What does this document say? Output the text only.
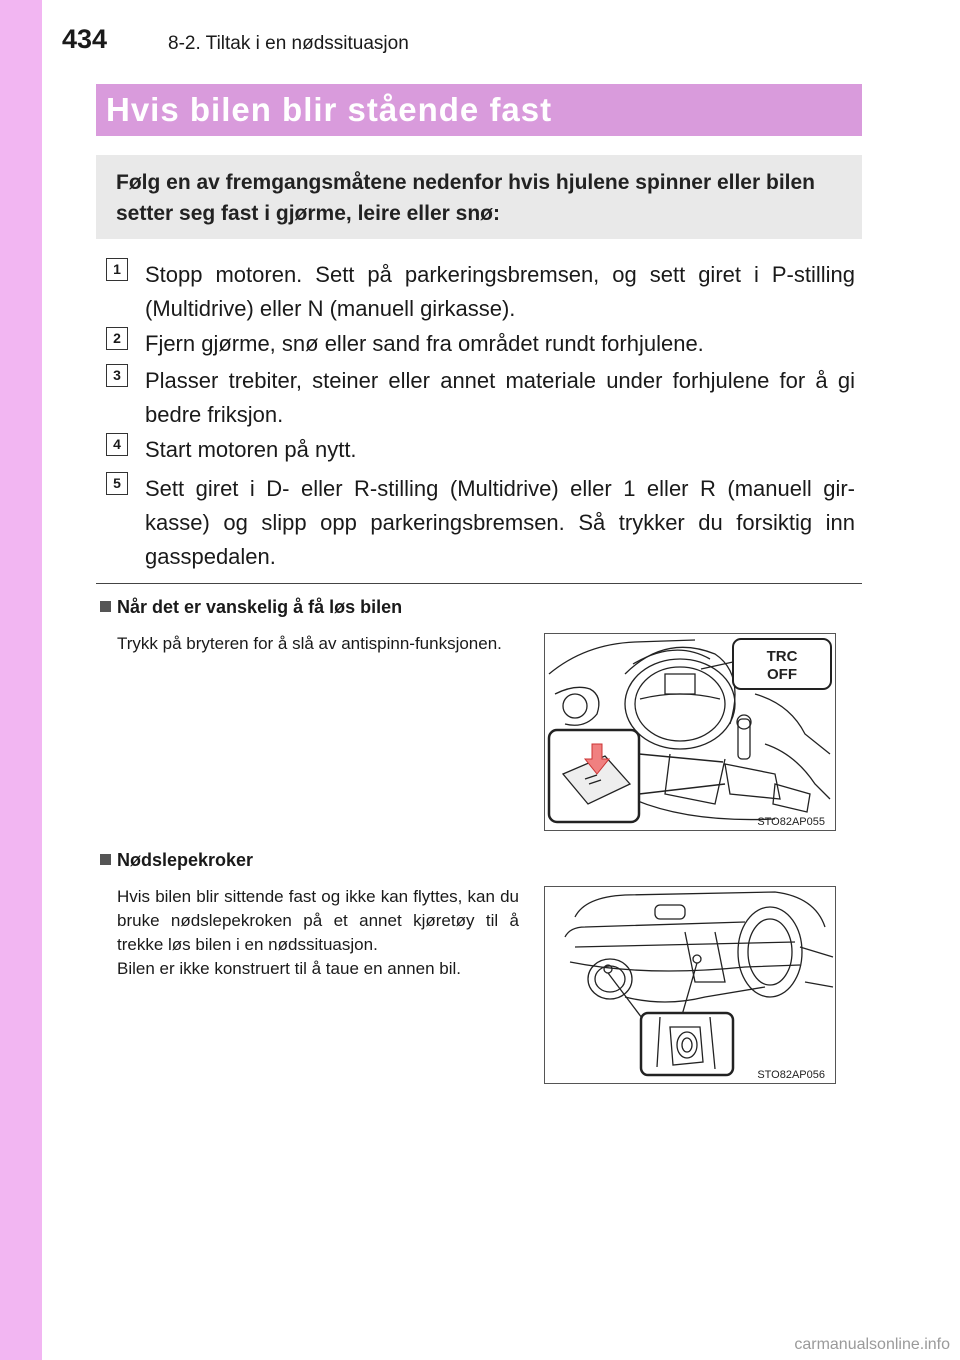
434	8-2. Tiltak i en nødssituasjon
Hvis bilen blir stående fast
Følg en av fremgangsmåtene nedenfor hvis hjulene spinner eller bilen setter seg fast i gjørme, leire eller snø:
1	Stopp motoren. Sett på parkeringsbremsen, og sett giret i P-stilling (Multidrive) eller N (manuell girkasse).
2	Fjern gjørme, snø eller sand fra området rundt forhjulene.
3	Plasser trebiter, steiner eller annet materiale under forhjulene for å gi bedre friksjon.
4	Start motoren på nytt.
5	Sett giret i D- eller R-stilling (Multidrive) eller 1 eller R (manuell gir-kasse) og slipp opp parkeringsbremsen. Så trykker du forsiktig inn gasspedalen.
Når det er vanskelig å få løs bilen
Trykk på bryteren for å slå av antispinn-funksjonen.
TRC
OFF
STO82AP055
Nødslepekroker
Hvis bilen blir sittende fast og ikke kan flyttes, kan du bruke nødslepekroken på et annet kjøretøy til å trekke løs bilen i en nødssituasjon.
Bilen er ikke konstruert til å taue en annen bil.
STO82AP056
carmanualsonline.info
